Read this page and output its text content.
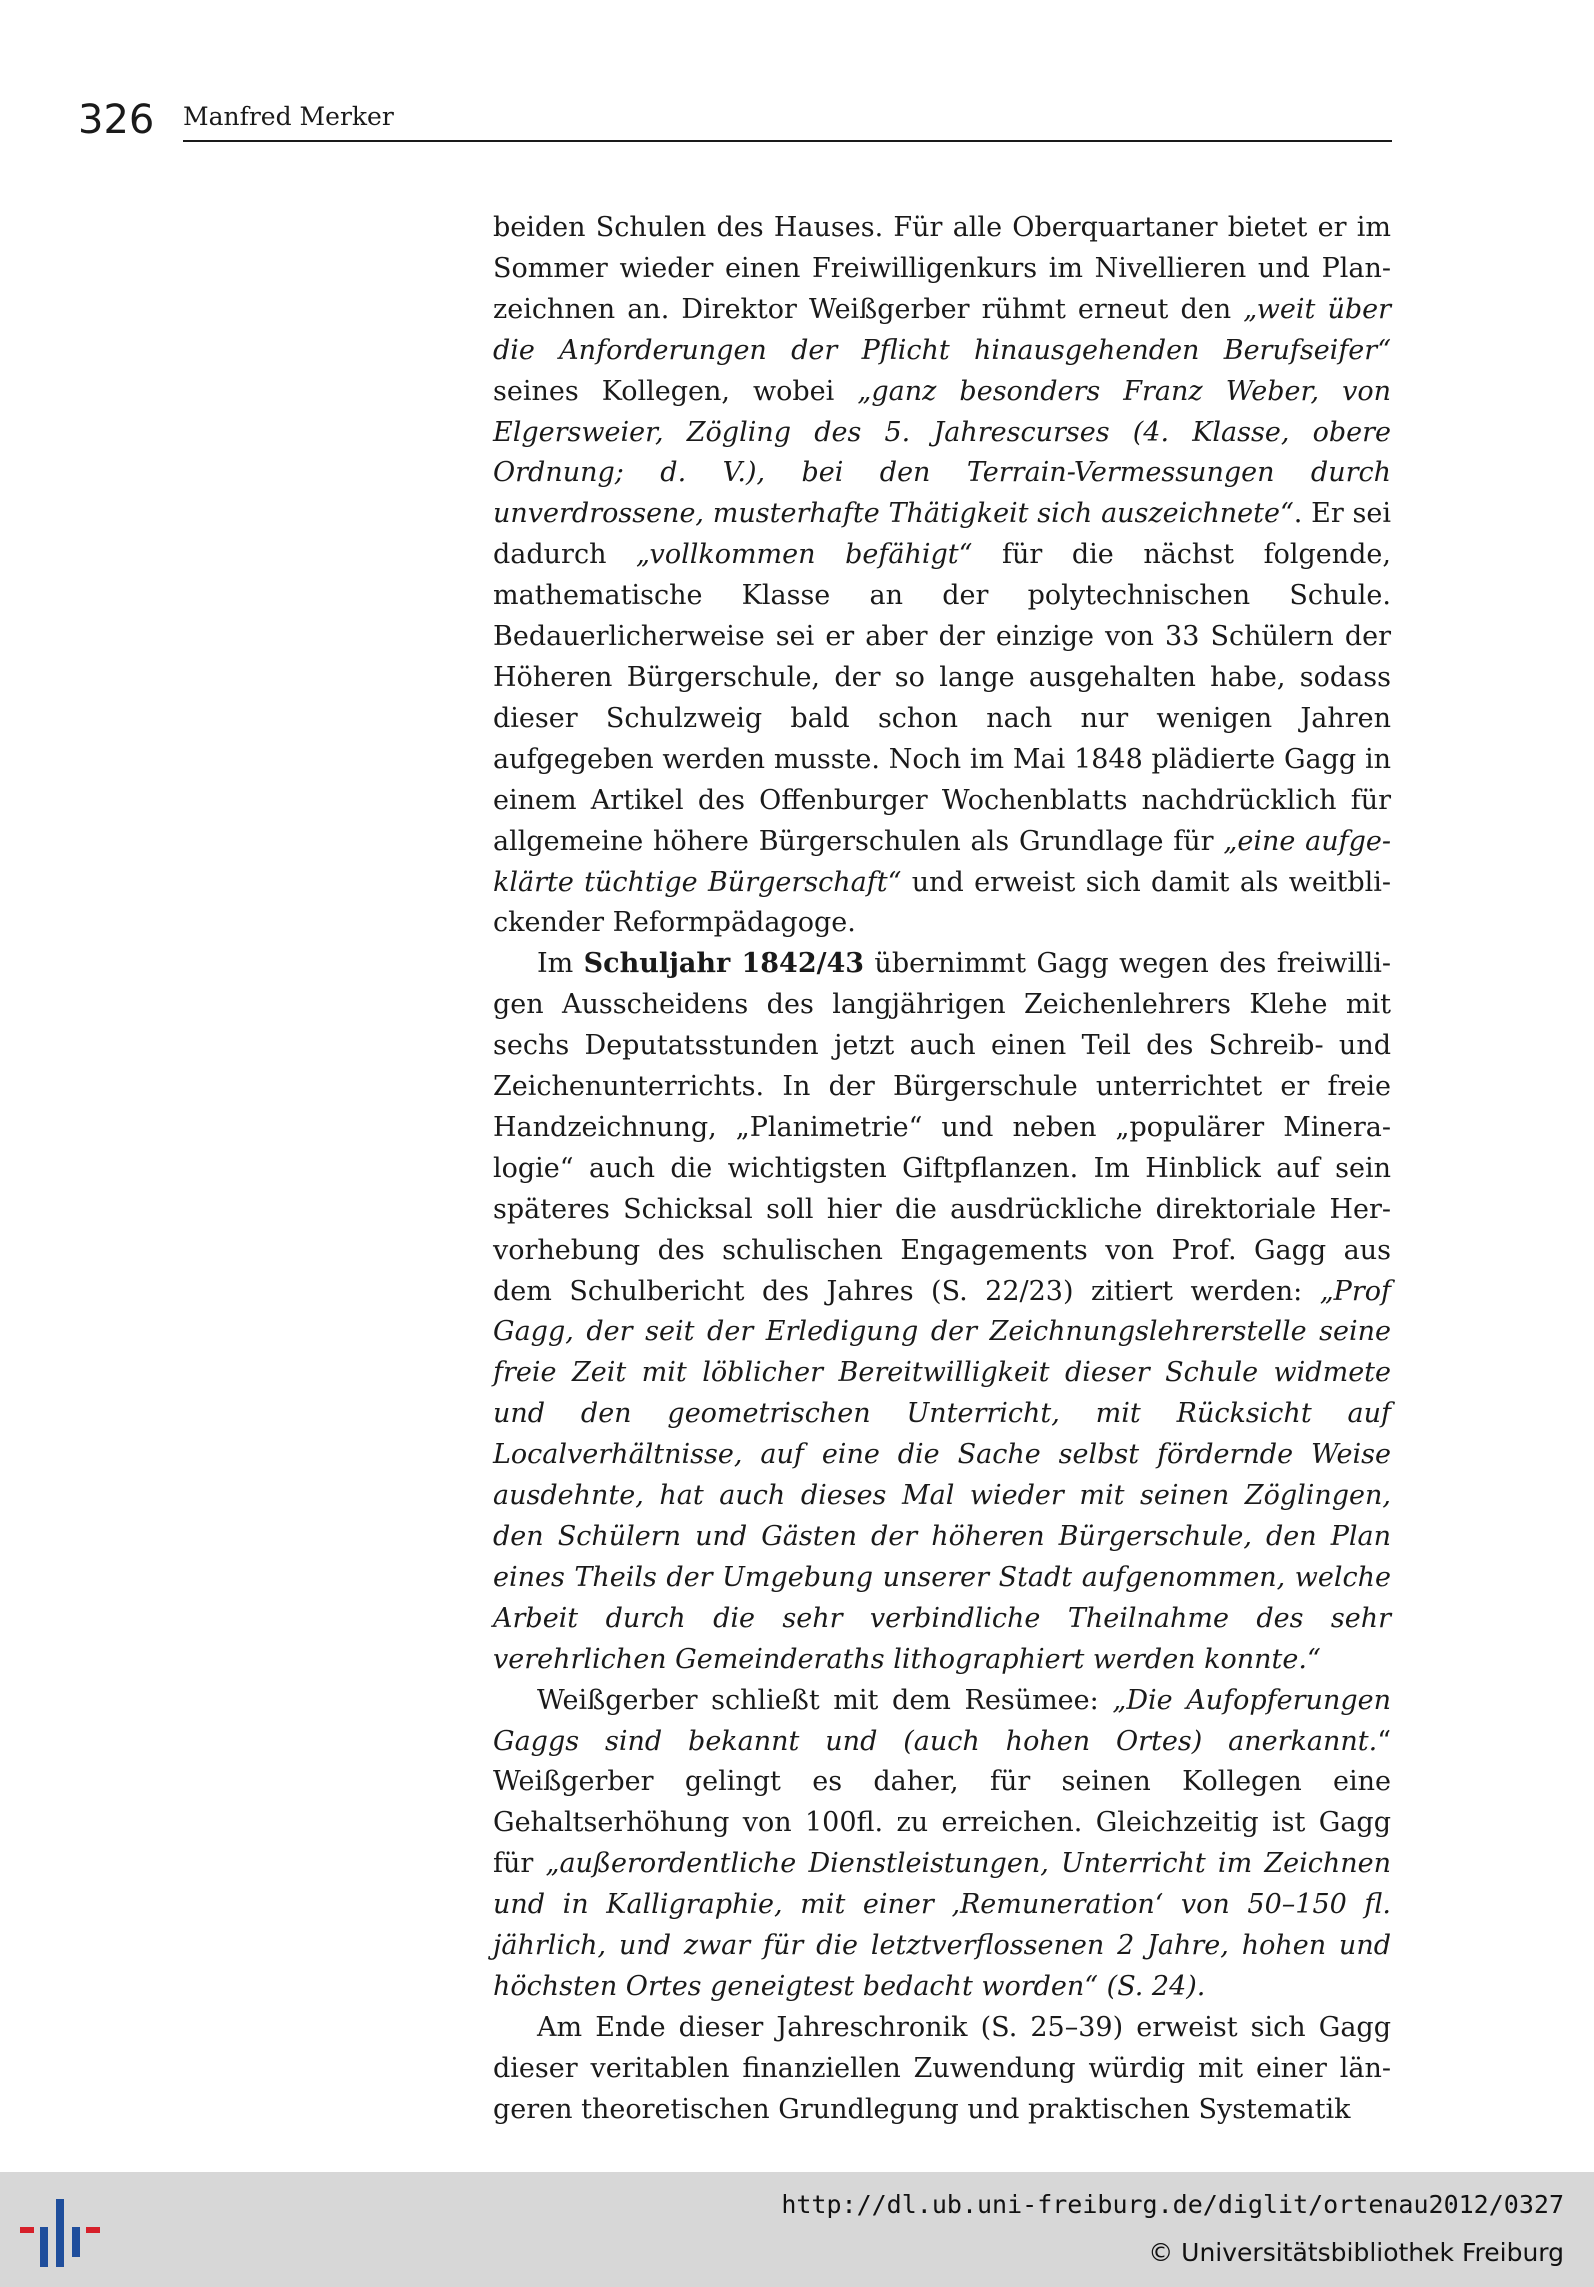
326 Manfred Merker

beiden Schulen des Hauses. Für alle Oberquartaner bietet er im Sommer wieder einen Freiwilligenkurs im Nivellieren und Planzeichnen an. Direktor Weißgerber rühmt erneut den „weit über die Anforderungen der Pflicht hinausgehenden Berufseifer“ seines Kollegen, wobei „ganz besonders Franz Weber, von Elgersweier, Zögling des 5. Jahrescurses (4. Klasse, obere Ordnung; d. V.), bei den Terrain-Vermessungen durch unverdrossene, musterhafte Thätigkeit sich auszeichnete“. Er sei dadurch „vollkommen befähigt“ für die nächst folgende, mathematische Klasse an der polytechnischen Schule. Bedauerlicherweise sei er aber der einzige von 33 Schülern der Höheren Bürgerschule, der so lange ausgehalten habe, sodass dieser Schulzweig bald schon nach nur wenigen Jahren aufgegeben werden musste. Noch im Mai 1848 plädierte Gagg in einem Artikel des Offenburger Wochenblatts nachdrücklich für allgemeine höhere Bürgerschulen als Grundlage für „eine aufgeklärte tüchtige Bürgerschaft“ und erweist sich damit als weitblickender Reformpädagoge.

Im Schuljahr 1842/43 übernimmt Gagg wegen des freiwilligen Ausscheidens des langjährigen Zeichenlehrers Klehe mit sechs Deputatsstunden jetzt auch einen Teil des Schreib- und Zeichenunterrichts. In der Bürgerschule unterrichtet er freie Handzeichnung, „Planimetrie“ und neben „populärer Mineralogie“ auch die wichtigsten Giftpflanzen. Im Hinblick auf sein späteres Schicksal soll hier die ausdrückliche direktoriale Hervorhebung des schulischen Engagements von Prof. Gagg aus dem Schulbericht des Jahres (S. 22/23) zitiert werden: „Prof Gagg, der seit der Erledigung der Zeichnungslehrerstelle seine freie Zeit mit löblicher Bereitwilligkeit dieser Schule widmete und den geometrischen Unterricht, mit Rücksicht auf Localverhältnisse, auf eine die Sache selbst fördernde Weise ausdehnte, hat auch dieses Mal wieder mit seinen Zöglingen, den Schülern und Gästen der höheren Bürgerschule, den Plan eines Theils der Umgebung unserer Stadt aufgenommen, welche Arbeit durch die sehr verbindliche Theilnahme des sehr verehrlichen Gemeinderaths lithographiert werden konnte.“

Weißgerber schließt mit dem Resümee: „Die Aufopferungen Gaggs sind bekannt und (auch hohen Ortes) anerkannt.“ Weißgerber gelingt es daher, für seinen Kollegen eine Gehaltserhöhung von 100fl. zu erreichen. Gleichzeitig ist Gagg für „außerordentliche Dienstleistungen, Unterricht im Zeichnen und in Kalligraphie, mit einer ‚Remuneration‘ von 50–150 fl. jährlich, und zwar für die letztverflossenen 2 Jahre, hohen und höchsten Ortes geneigtest bedacht worden“ (S. 24).

Am Ende dieser Jahreschronik (S. 25–39) erweist sich Gagg dieser veritablen finanziellen Zuwendung würdig mit einer längeren theoretischen Grundlegung und praktischen Systematik

http://dl.ub.uni-freiburg.de/diglit/ortenau2012/0327
© Universitätsbibliothek Freiburg
